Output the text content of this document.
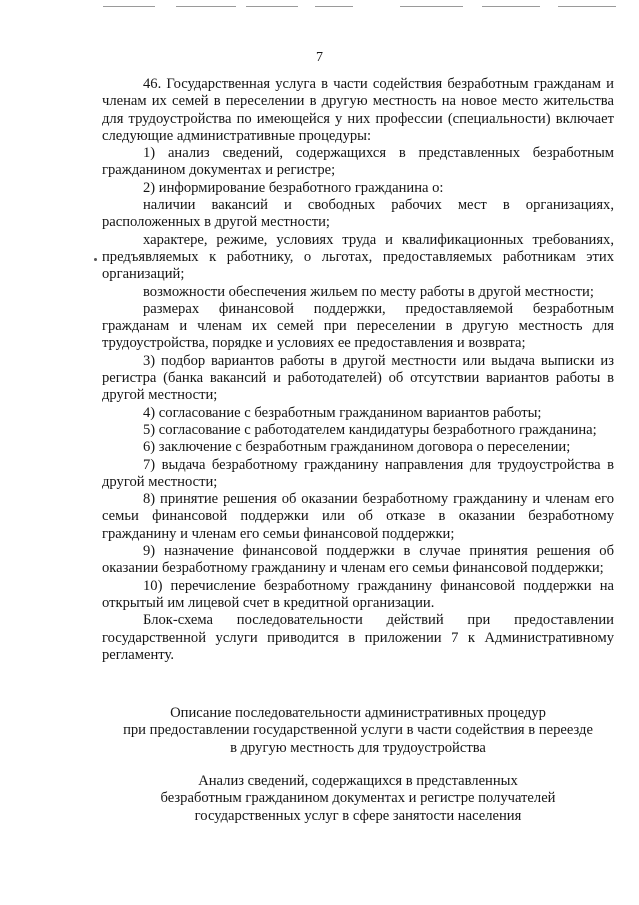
7

46. Государственная услуга в части содействия безработным гражданам и членам их семей в переселении в другую местность на новое место жительства для трудоустройства по имеющейся у них профессии (специальности) включает следующие административные процедуры:

1) анализ сведений, содержащихся в представленных безработным гражданином документах и регистре;

2) информирование безработного гражданина о:

наличии вакансий и свободных рабочих мест в организациях, расположенных в другой местности;

характере, режиме, условиях труда и квалификационных требованиях, предъявляемых к работнику, о льготах, предоставляемых работникам этих организаций;

возможности обеспечения жильем по месту работы в другой местности;

размерах финансовой поддержки, предоставляемой безработным гражданам и членам их семей при переселении в другую местность для трудоустройства, порядке и условиях ее предоставления и возврата;

3) подбор вариантов работы в другой местности или выдача выписки из регистра (банка вакансий и работодателей) об отсутствии вариантов работы в другой местности;

4) согласование с безработным гражданином вариантов работы;

5) согласование с работодателем кандидатуры безработного гражданина;

6) заключение с безработным гражданином договора о переселении;

7) выдача безработному гражданину направления для трудоустройства в другой местности;

8) принятие решения об оказании безработному гражданину и членам его семьи финансовой поддержки или об отказе в оказании безработному гражданину и членам его семьи финансовой поддержки;

9) назначение финансовой поддержки в случае принятия решения об оказании безработному гражданину и членам его семьи финансовой поддержки;

10) перечисление безработному гражданину финансовой поддержки на открытый им лицевой счет в кредитной организации.

Блок-схема последовательности действий при предоставлении государственной услуги приводится в приложении 7 к Административному регламенту.

Описание последовательности административных процедур
при предоставлении государственной услуги в части содействия в переезде
в другую местность для трудоустройства
Анализ сведений, содержащихся в представленных
безработным гражданином документах и регистре получателей
государственных услуг в сфере занятости населения
